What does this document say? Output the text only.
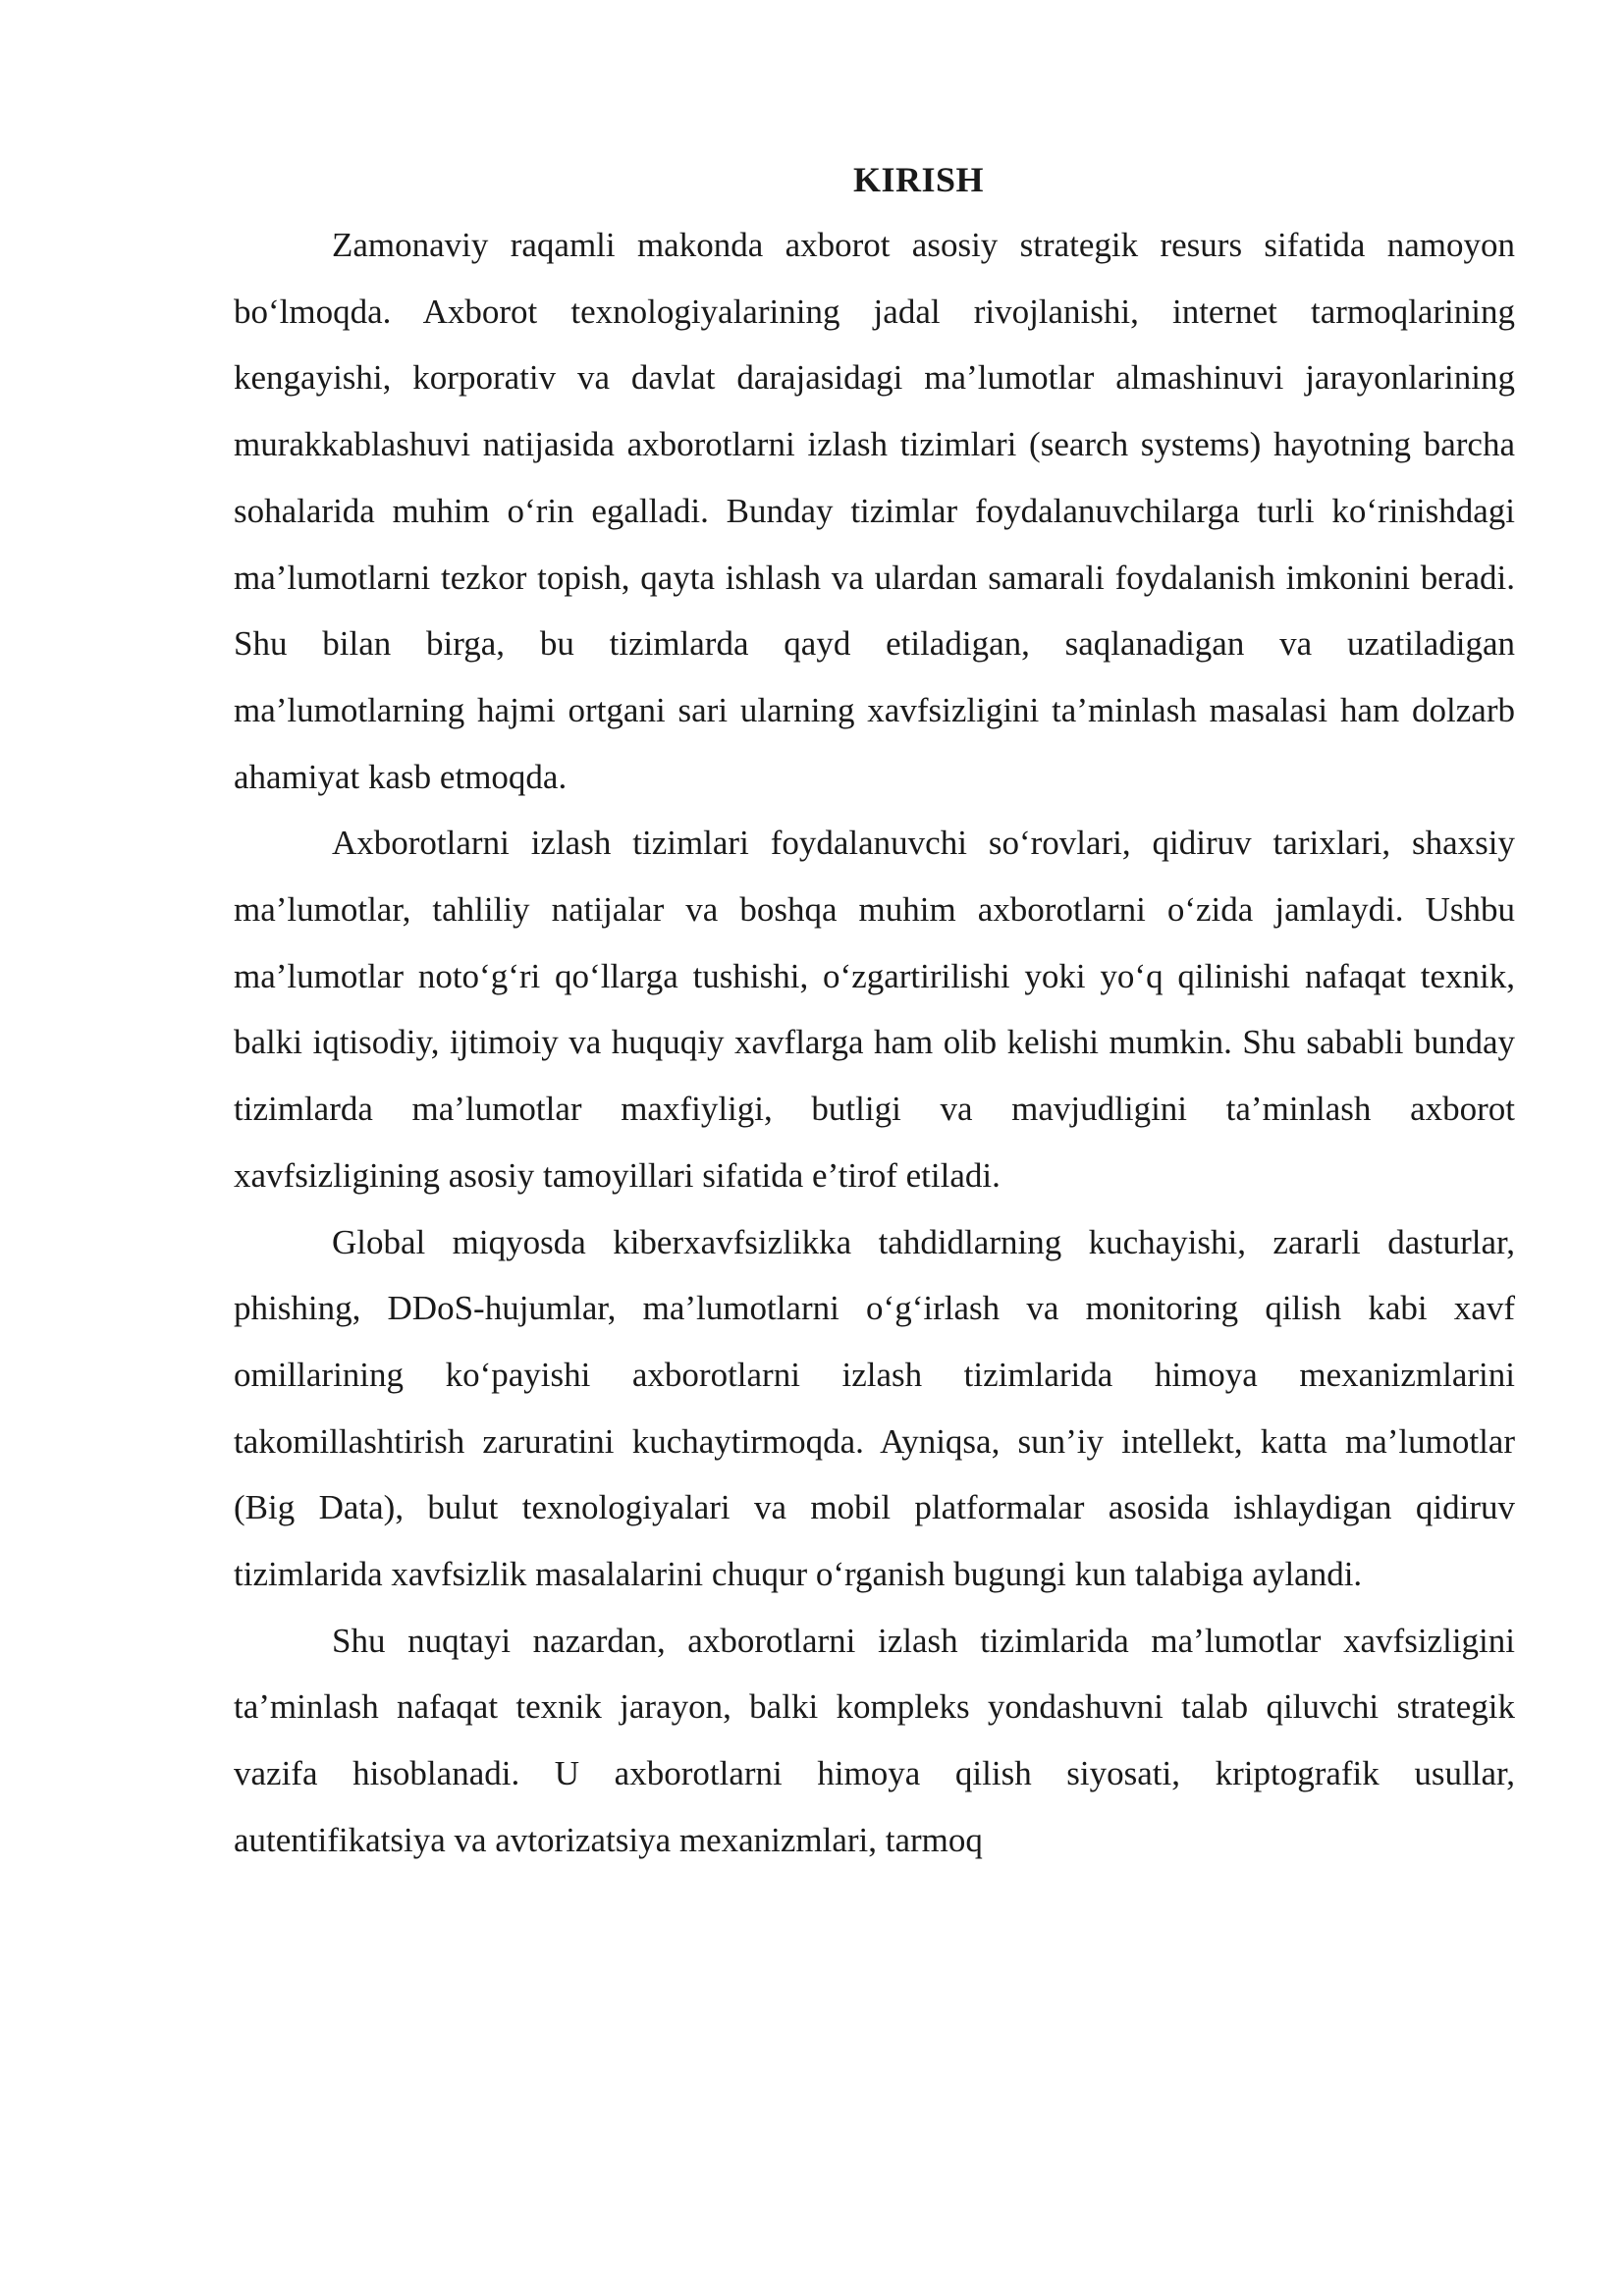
KIRISH

Zamonaviy raqamli makonda axborot asosiy strategik resurs sifatida namoyon bo‘lmoqda. Axborot texnologiyalarining jadal rivojlanishi, internet tarmoqlarining kengayishi, korporativ va davlat darajasidagi ma’lumotlar almashinuvi jarayonlarining murakkablashuvi natijasida axborotlarni izlash tizimlari (search systems) hayotning barcha sohalarida muhim o‘rin egalladi. Bunday tizimlar foydalanuvchilarga turli ko‘rinishdagi ma’lumotlarni tezkor topish, qayta ishlash va ulardan samarali foydalanish imkonini beradi. Shu bilan birga, bu tizimlarda qayd etiladigan, saqlanadigan va uzatiladigan ma’lumotlarning hajmi ortgani sari ularning xavfsizligini ta’minlash masalasi ham dolzarb ahamiyat kasb etmoqda.

Axborotlarni izlash tizimlari foydalanuvchi so‘rovlari, qidiruv tarixlari, shaxsiy ma’lumotlar, tahliliy natijalar va boshqa muhim axborotlarni o‘zida jamlaydi. Ushbu ma’lumotlar noto‘g‘ri qo‘llarga tushishi, o‘zgartirilishi yoki yo‘q qilinishi nafaqat texnik, balki iqtisodiy, ijtimoiy va huquqiy xavflarga ham olib kelishi mumkin. Shu sababli bunday tizimlarda ma’lumotlar maxfiyligi, butligi va mavjudligini ta’minlash axborot xavfsizligining asosiy tamoyillari sifatida e’tirof etiladi.

Global miqyosda kiberxavfsizlikka tahdidlarning kuchayishi, zararli dasturlar, phishing, DDoS-hujumlar, ma’lumotlarni o‘g‘irlash va monitoring qilish kabi xavf omillarining ko‘payishi axborotlarni izlash tizimlarida himoya mexanizmlarini takomillashtirish zaruratini kuchaytirmoqda. Ayniqsa, sun’iy intellekt, katta ma’lumotlar (Big Data), bulut texnologiyalari va mobil platformalar asosida ishlaydigan qidiruv tizimlarida xavfsizlik masalalarini chuqur o‘rganish bugungi kun talabiga aylandi.

Shu nuqtayi nazardan, axborotlarni izlash tizimlarida ma’lumotlar xavfsizligini ta’minlash nafaqat texnik jarayon, balki kompleks yondashuvni talab qiluvchi strategik vazifa hisoblanadi. U axborotlarni himoya qilish siyosati, kriptografik usullar, autentifikatsiya va avtorizatsiya mexanizmlari, tarmoq
